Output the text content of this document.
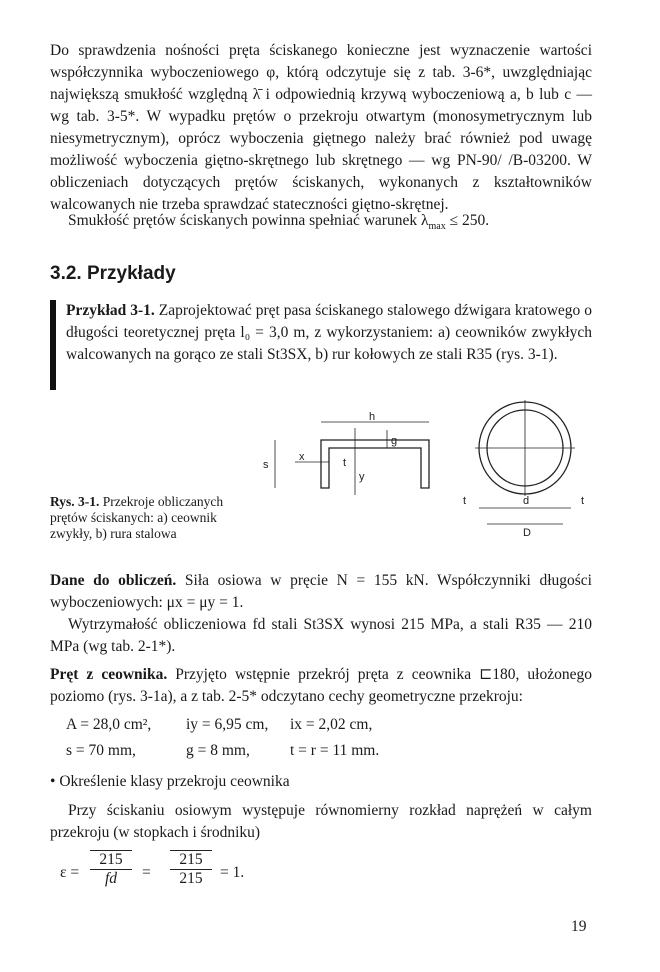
Do sprawdzenia nośności pręta ściskanego konieczne jest wyznaczenie wartości współczynnika wyboczeniowego φ, którą odczytuje się z tab. 3-6*, uwzględniając największą smukłość względną λ̄ i odpowiednią krzywą wyboczeniową a, b lub c — wg tab. 3-5*. W wypadku prętów o przekroju otwartym (monosymetrycznym lub niesymetrycznym), oprócz wyboczenia giętnego należy brać również pod uwagę możliwość wyboczenia giętno-skrętnego lub skrętnego — wg PN-90/ /B-03200. W obliczeniach dotyczących prętów ściskanych, wykonanych z kształtowników walcowanych nie trzeba sprawdzać stateczności giętno-skrętnej.
Smukłość prętów ściskanych powinna spełniać warunek $\lambda_{max} \le 250$.
3.2. Przykłady
Przykład 3-1. Zaprojektować pręt pasa ściskanego stalowego dźwigara kratowego o długości teoretycznej pręta l₀ = 3,0 m, z wykorzystaniem: a) ceowników zwykłych walcowanych na gorąco ze stali St3SX, b) rur kołowych ze stali R35 (rys. 3-1).
h
g
s
x	t
y
d
D
t	t
Rys. 3-1. Przekroje obliczanych prętów ściskanych: a) ceownik zwykły, b) rura stalowa
Dane do obliczeń. Siła osiowa w pręcie N = 155 kN. Współczynniki długości wyboczeniowych: μx = μy = 1.
Wytrzymałość obliczeniowa fd stali St3SX wynosi 215 MPa, a stali R35 — 210 MPa (wg tab. 2-1*).
Pręt z ceownika. Przyjęto wstępnie przekrój pręta z ceownika ⊏180, ułożonego poziomo (rys. 3-1a), a z tab. 2-5* odczytano cechy geometryczne przekroju:
A = 28,0 cm², iy = 6,95 cm, ix = 2,02 cm,
s = 70 mm,	g = 8 mm,	t = r = 11 mm.
• Określenie klasy przekroju ceownika
Przy ściskaniu osiowym występuje równomierny rozkład naprężeń w całym przekroju (w stopkach i środniku)
$\varepsilon = \frac{215}{fd} = \frac{215}{215} = 1$.
19
